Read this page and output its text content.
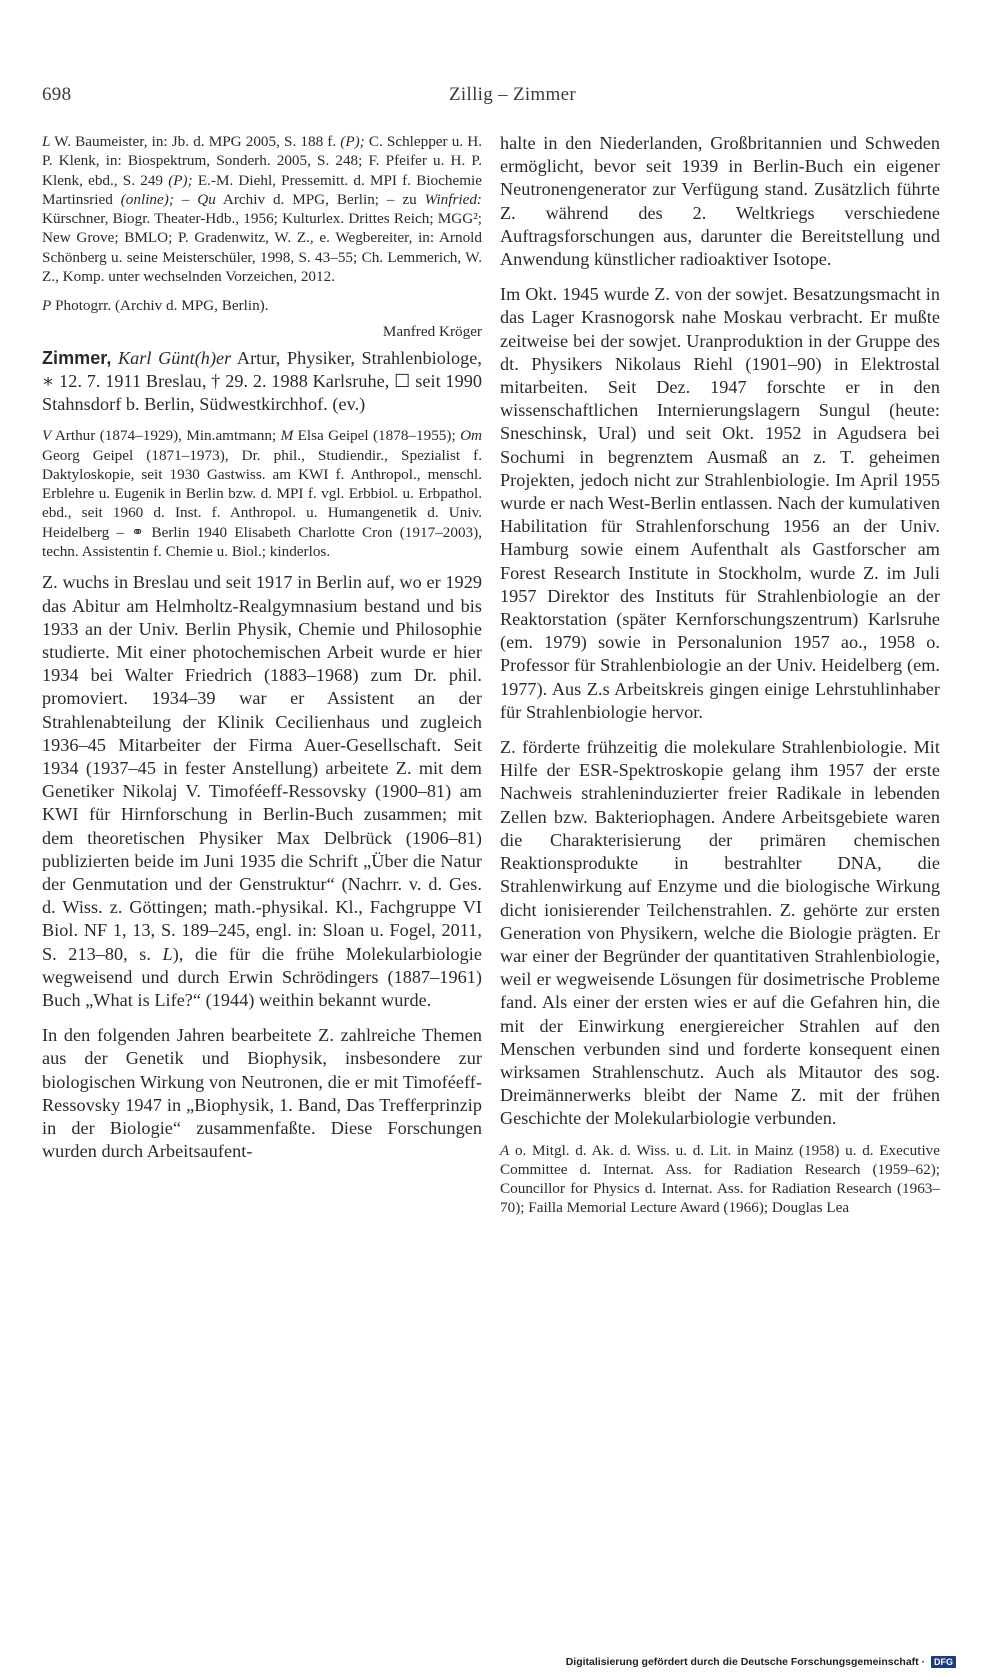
698	Zillig – Zimmer

L W. Baumeister, in: Jb. d. MPG 2005, S. 188 f. (P); C. Schlepper u. H. P. Klenk, in: Biospektrum, Sonderh. 2005, S. 248; F. Pfeifer u. H. P. Klenk, ebd., S. 249 (P); E.-M. Diehl, Pressemitt. d. MPI f. Biochemie Martinsried (online); – Qu Archiv d. MPG, Berlin; – zu Winfried: Kürschner, Biogr. Theater-Hdb., 1956; Kulturlex. Drittes Reich; MGG²; New Grove; BMLO; P. Gradenwitz, W. Z., e. Wegbereiter, in: Arnold Schönberg u. seine Meisterschüler, 1998, S. 43–55; Ch. Lemmerich, W. Z., Komp. unter wechselnden Vorzeichen, 2012.

P Photogrr. (Archiv d. MPG, Berlin).

Manfred Kröger

Zimmer, Karl Günt(h)er Artur, Physiker, Strahlenbiologe, ∗ 12. 7. 1911 Breslau, † 29. 2. 1988 Karlsruhe, ☐ seit 1990 Stahnsdorf b. Berlin, Südwestkirchhof. (ev.)

V Arthur (1874–1929), Min.amtmann; M Elsa Geipel (1878–1955); Om Georg Geipel (1871–1973), Dr. phil., Studiendir., Spezialist f. Daktyloskopie, seit 1930 Gastwiss. am KWI f. Anthropol., menschl. Erblehre u. Eugenik in Berlin bzw. d. MPI f. vgl. Erbbiol. u. Erbpathol. ebd., seit 1960 d. Inst. f. Anthropol. u. Humangenetik d. Univ. Heidelberg – ⚭ Berlin 1940 Elisabeth Charlotte Cron (1917–2003), techn. Assistentin f. Chemie u. Biol.; kinderlos.

Z. wuchs in Breslau und seit 1917 in Berlin auf, wo er 1929 das Abitur am Helmholtz-Realgymnasium bestand und bis 1933 an der Univ. Berlin Physik, Chemie und Philosophie studierte. Mit einer photochemischen Arbeit wurde er hier 1934 bei Walter Friedrich (1883–1968) zum Dr. phil. promoviert. 1934–39 war er Assistent an der Strahlenabteilung der Klinik Cecilienhaus und zugleich 1936–45 Mitarbeiter der Firma Auer-Gesellschaft. Seit 1934 (1937–45 in fester Anstellung) arbeitete Z. mit dem Genetiker Nikolaj V. Timoféeff-Ressovsky (1900–81) am KWI für Hirnforschung in Berlin-Buch zusammen; mit dem theoretischen Physiker Max Delbrück (1906–81) publizierten beide im Juni 1935 die Schrift „Über die Natur der Genmutation und der Genstruktur“ (Nachrr. v. d. Ges. d. Wiss. z. Göttingen; math.-physikal. Kl., Fachgruppe VI Biol. NF 1, 13, S. 189–245, engl. in: Sloan u. Fogel, 2011, S. 213–80, s. L), die für die frühe Molekularbiologie wegweisend und durch Erwin Schrödingers (1887–1961) Buch „What is Life?“ (1944) weithin bekannt wurde.

In den folgenden Jahren bearbeitete Z. zahlreiche Themen aus der Genetik und Biophysik, insbesondere zur biologischen Wirkung von Neutronen, die er mit Timoféeff-Ressovsky 1947 in „Biophysik, 1. Band, Das Trefferprinzip in der Biologie“ zusammenfaßte. Diese Forschungen wurden durch Arbeitsaufent-

halte in den Niederlanden, Großbritannien und Schweden ermöglicht, bevor seit 1939 in Berlin-Buch ein eigener Neutronengenerator zur Verfügung stand. Zusätzlich führte Z. während des 2. Weltkriegs verschiedene Auftragsforschungen aus, darunter die Bereitstellung und Anwendung künstlicher radioaktiver Isotope.

Im Okt. 1945 wurde Z. von der sowjet. Besatzungsmacht in das Lager Krasnogorsk nahe Moskau verbracht. Er mußte zeitweise bei der sowjet. Uranproduktion in der Gruppe des dt. Physikers Nikolaus Riehl (1901–90) in Elektrostal mitarbeiten. Seit Dez. 1947 forschte er in den wissenschaftlichen Internierungslagern Sungul (heute: Sneschinsk, Ural) und seit Okt. 1952 in Agudsera bei Sochumi in begrenztem Ausmaß an z. T. geheimen Projekten, jedoch nicht zur Strahlenbiologie. Im April 1955 wurde er nach West-Berlin entlassen. Nach der kumulativen Habilitation für Strahlenforschung 1956 an der Univ. Hamburg sowie einem Aufenthalt als Gastforscher am Forest Research Institute in Stockholm, wurde Z. im Juli 1957 Direktor des Instituts für Strahlenbiologie an der Reaktorstation (später Kernforschungszentrum) Karlsruhe (em. 1979) sowie in Personalunion 1957 ao., 1958 o. Professor für Strahlenbiologie an der Univ. Heidelberg (em. 1977). Aus Z.s Arbeitskreis gingen einige Lehrstuhlinhaber für Strahlenbiologie hervor.

Z. förderte frühzeitig die molekulare Strahlenbiologie. Mit Hilfe der ESR-Spektroskopie gelang ihm 1957 der erste Nachweis strahleninduzierter freier Radikale in lebenden Zellen bzw. Bakteriophagen. Andere Arbeitsgebiete waren die Charakterisierung der primären chemischen Reaktionsprodukte in bestrahlter DNA, die Strahlenwirkung auf Enzyme und die biologische Wirkung dicht ionisierender Teilchenstrahlen. Z. gehörte zur ersten Generation von Physikern, welche die Biologie prägten. Er war einer der Begründer der quantitativen Strahlenbiologie, weil er wegweisende Lösungen für dosimetrische Probleme fand. Als einer der ersten wies er auf die Gefahren hin, die mit der Einwirkung energiereicher Strahlen auf den Menschen verbunden sind und forderte konsequent einen wirksamen Strahlenschutz. Auch als Mitautor des sog. Dreimännerwerks bleibt der Name Z. mit der frühen Geschichte der Molekularbiologie verbunden.

A o. Mitgl. d. Ak. d. Wiss. u. d. Lit. in Mainz (1958) u. d. Executive Committee d. Internat. Ass. for Radiation Research (1959–62); Councillor for Physics d. Internat. Ass. for Radiation Research (1963–70); Failla Memorial Lecture Award (1966); Douglas Lea

Digitalisierung gefördert durch die Deutsche Forschungsgemeinschaft · DFG
